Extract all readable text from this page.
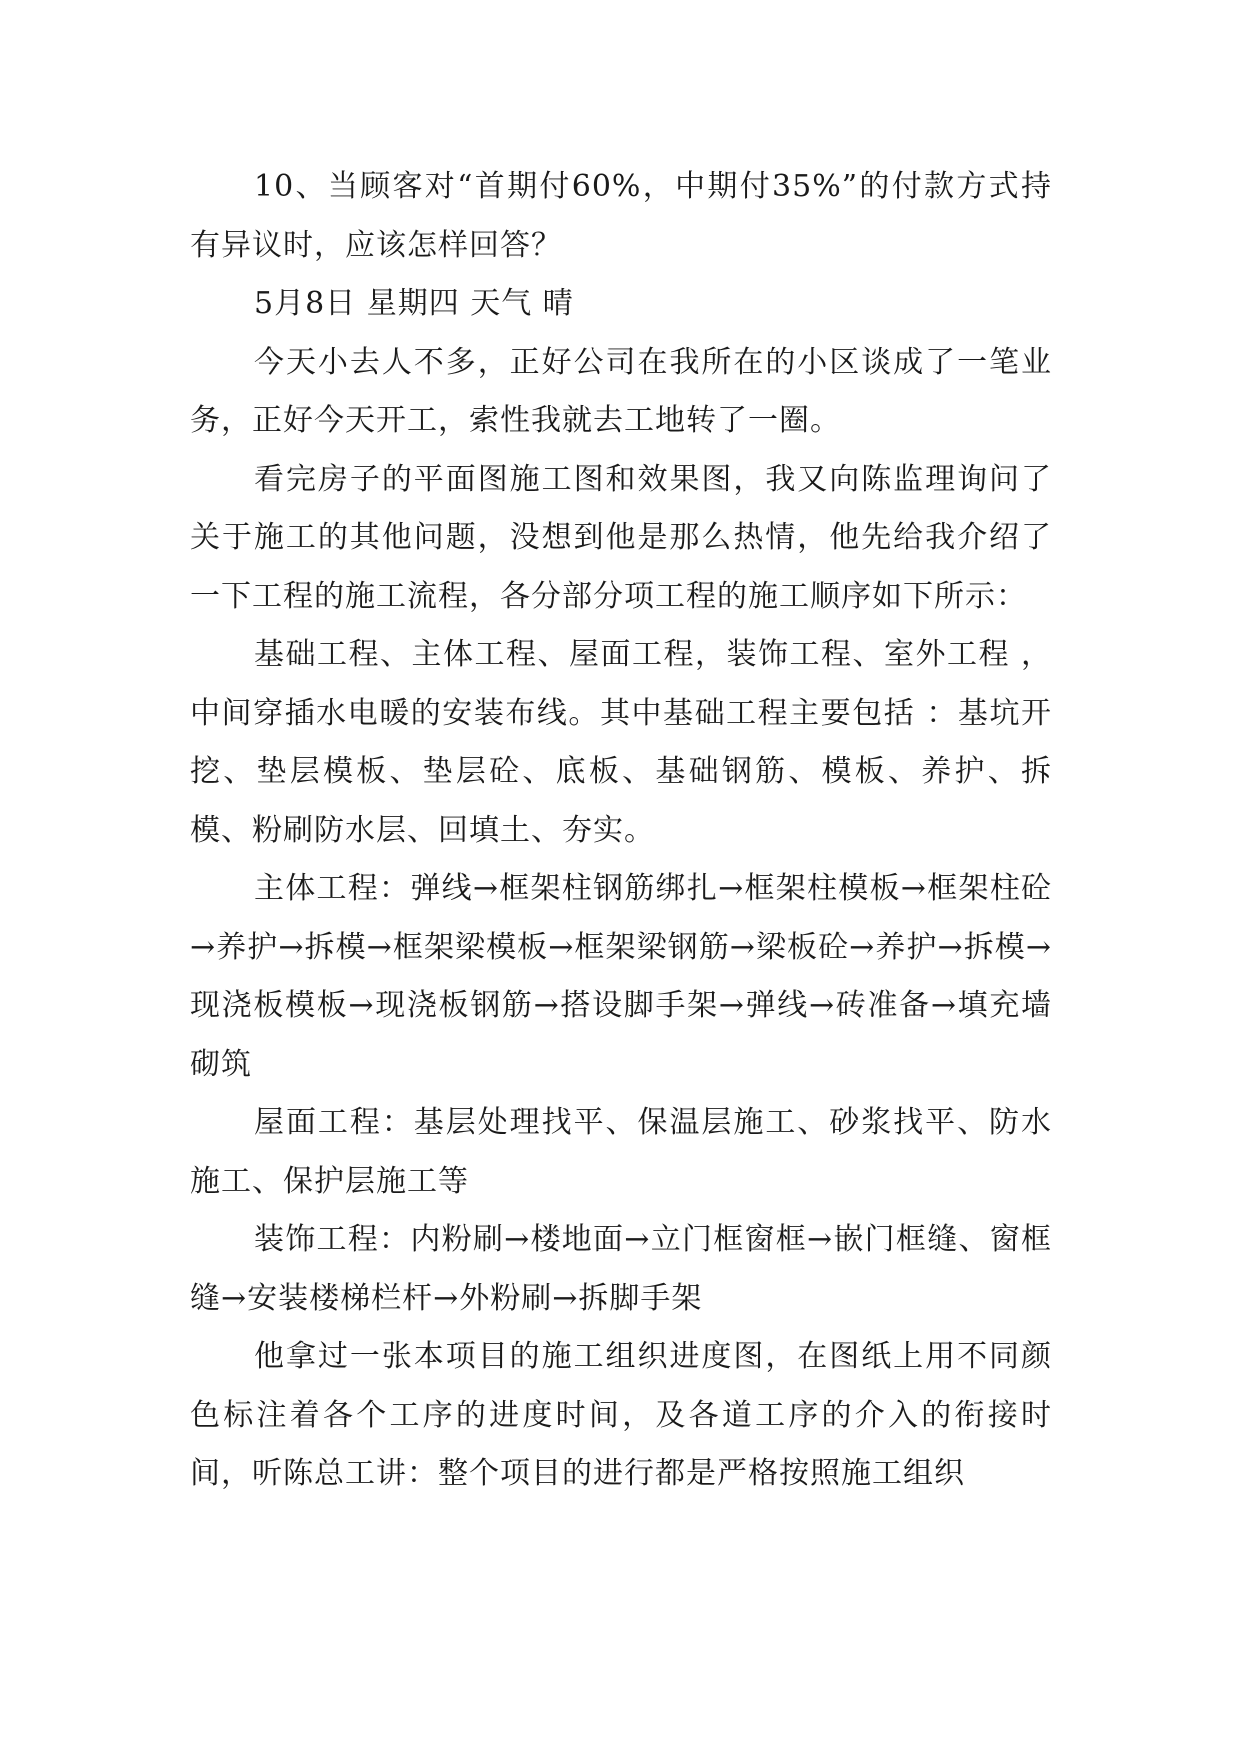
10、当顾客对“首期付60%，中期付35%”的付款方式持有异议时，应该怎样回答？

5月8日 星期四 天气 晴

今天小去人不多，正好公司在我所在的小区谈成了一笔业务，正好今天开工，索性我就去工地转了一圈。

看完房子的平面图施工图和效果图，我又向陈监理询问了关于施工的其他问题，没想到他是那么热情，他先给我介绍了一下工程的施工流程，各分部分项工程的施工顺序如下所示：

基础工程、主体工程、屋面工程，装饰工程、室外工程 ，中间穿插水电暖的安装布线。其中基础工程主要包括 ：基坑开挖、垫层模板、垫层砼、底板、基础钢筋、模板、养护、拆模、粉刷防水层、回填土、夯实。

主体工程：弹线→框架柱钢筋绑扎→框架柱模板→框架柱砼→养护→拆模→框架梁模板→框架梁钢筋→梁板砼→养护→拆模→现浇板模板→现浇板钢筋→搭设脚手架→弹线→砖准备→填充墙砌筑

屋面工程：基层处理找平、保温层施工、砂浆找平、防水施工、保护层施工等

装饰工程：内粉刷→楼地面→立门框窗框→嵌门框缝、窗框缝→安装楼梯栏杆→外粉刷→拆脚手架

他拿过一张本项目的施工组织进度图，在图纸上用不同颜色标注着各个工序的进度时间，及各道工序的介入的衔接时间，听陈总工讲：整个项目的进行都是严格按照施工组织
